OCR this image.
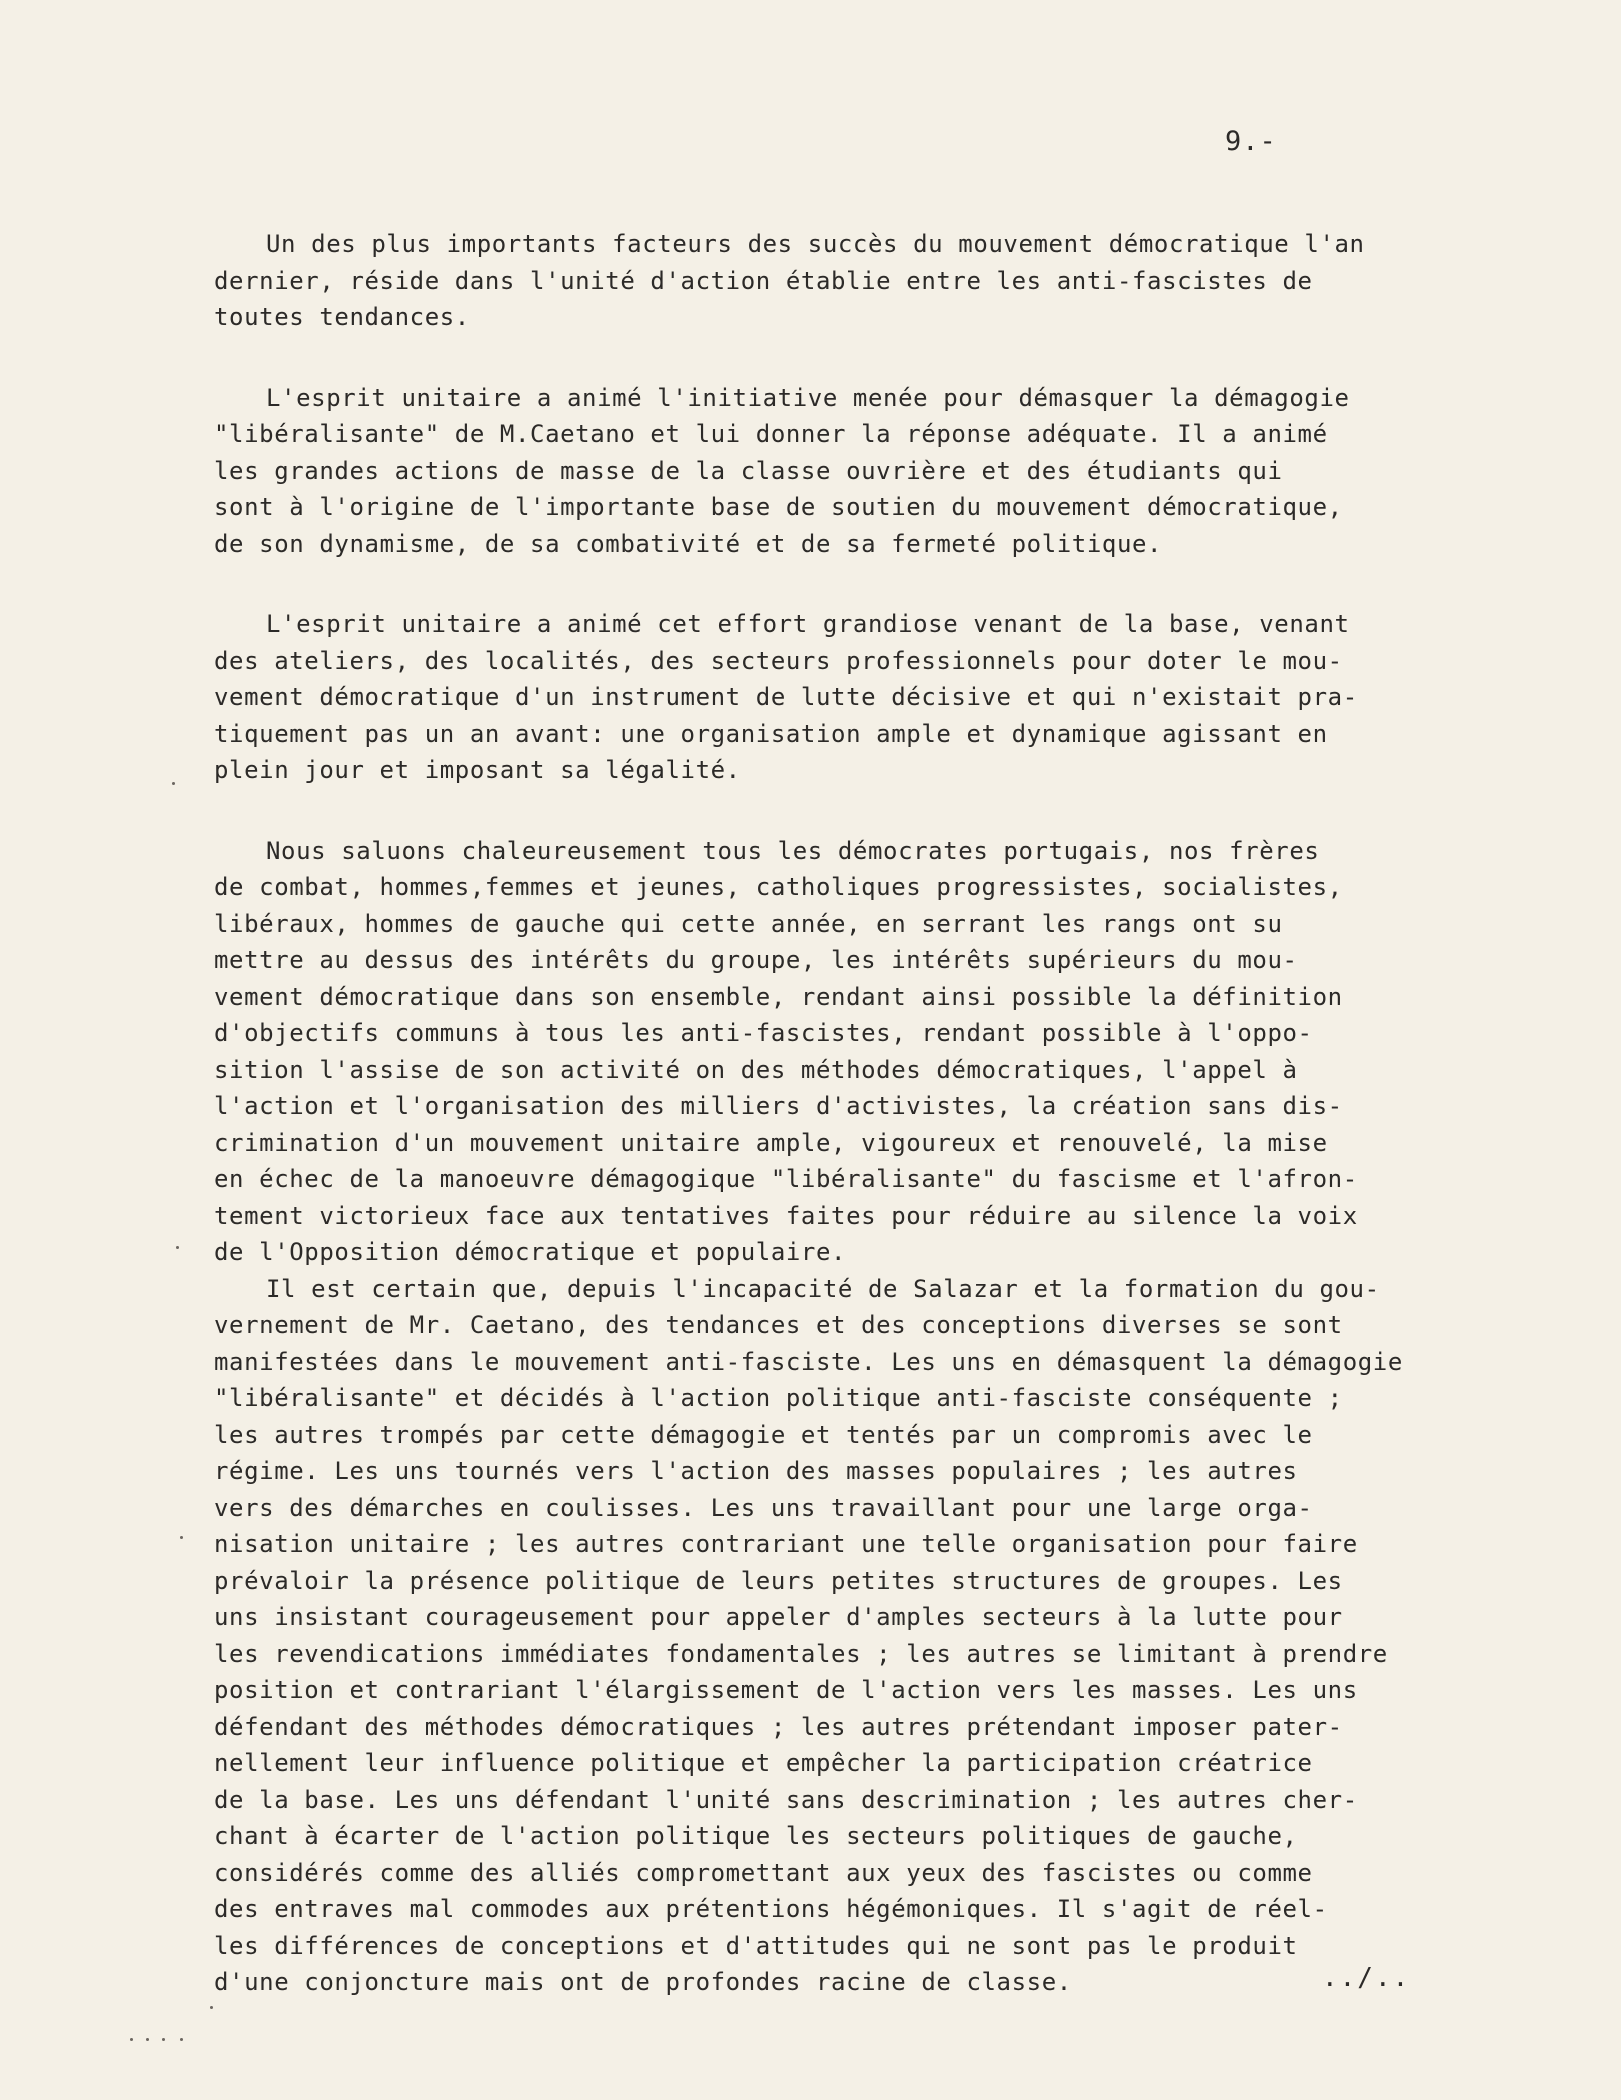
9.-
Un des plus importants facteurs des succès du mouvement démocratique l'an
dernier, réside dans l'unité d'action établie entre les anti-fascistes de
toutes tendances.
L'esprit unitaire a animé l'initiative menée pour démasquer la démagogie
"libéralisante" de M.Caetano et lui donner la réponse adéquate. Il a animé
les grandes actions de masse de la classe ouvrière et des étudiants qui
sont à l'origine de l'importante base de soutien du mouvement démocratique,
de son dynamisme, de sa combativité et de sa fermeté politique.
L'esprit unitaire a animé cet effort grandiose venant de la base, venant
des ateliers, des localités, des secteurs professionnels pour doter le mou-
vement démocratique d'un instrument de lutte décisive et qui n'existait pra-
tiquement pas un an avant: une organisation ample et dynamique agissant en
plein jour et imposant sa légalité.
Nous saluons chaleureusement tous les démocrates portugais, nos frères
de combat, hommes,femmes et jeunes, catholiques progressistes, socialistes,
libéraux, hommes de gauche qui cette année, en serrant les rangs ont su
mettre au dessus des intérêts du groupe, les intérêts supérieurs du mou-
vement démocratique dans son ensemble, rendant ainsi possible la définition
d'objectifs communs à tous les anti-fascistes, rendant possible à l'oppo-
sition l'assise de son activité on des méthodes démocratiques, l'appel à
l'action et l'organisation des milliers d'activistes, la création sans dis-
crimination d'un mouvement unitaire ample, vigoureux et renouvelé, la mise
en échec de la manoeuvre démagogique "libéralisante" du fascisme et l'afron-
tement victorieux face aux tentatives faites pour réduire au silence la voix
de l'Opposition démocratique et populaire.
Il est certain que, depuis l'incapacité de Salazar et la formation du gou-
vernement de Mr. Caetano, des tendances et des conceptions diverses se sont
manifestées dans le mouvement anti-fasciste. Les uns en démasquent la démagogie
"libéralisante" et décidés à l'action politique anti-fasciste conséquente ;
les autres trompés par cette démagogie et tentés par un compromis avec le
régime. Les uns tournés vers l'action des masses populaires ; les autres
vers des démarches en coulisses. Les uns travaillant pour une large orga-
nisation unitaire ; les autres contrariant une telle organisation pour faire
prévaloir la présence politique de leurs petites structures de groupes. Les
uns insistant courageusement pour appeler d'amples secteurs à la lutte pour
les revendications immédiates fondamentales ; les autres se limitant à prendre
position et contrariant l'élargissement de l'action vers les masses. Les uns
défendant des méthodes démocratiques ; les autres prétendant imposer pater-
nellement leur influence politique et empêcher la participation créatrice
de la base. Les uns défendant l'unité sans descrimination ; les autres cher-
chant à écarter de l'action politique les secteurs politiques de gauche,
considérés comme des alliés compromettant aux yeux des fascistes ou comme
des entraves mal commodes aux prétentions hégémoniques. Il s'agit de réel-
les différences de conceptions et d'attitudes qui ne sont pas le produit
d'une conjoncture mais ont de profondes racine de classe.	../..
